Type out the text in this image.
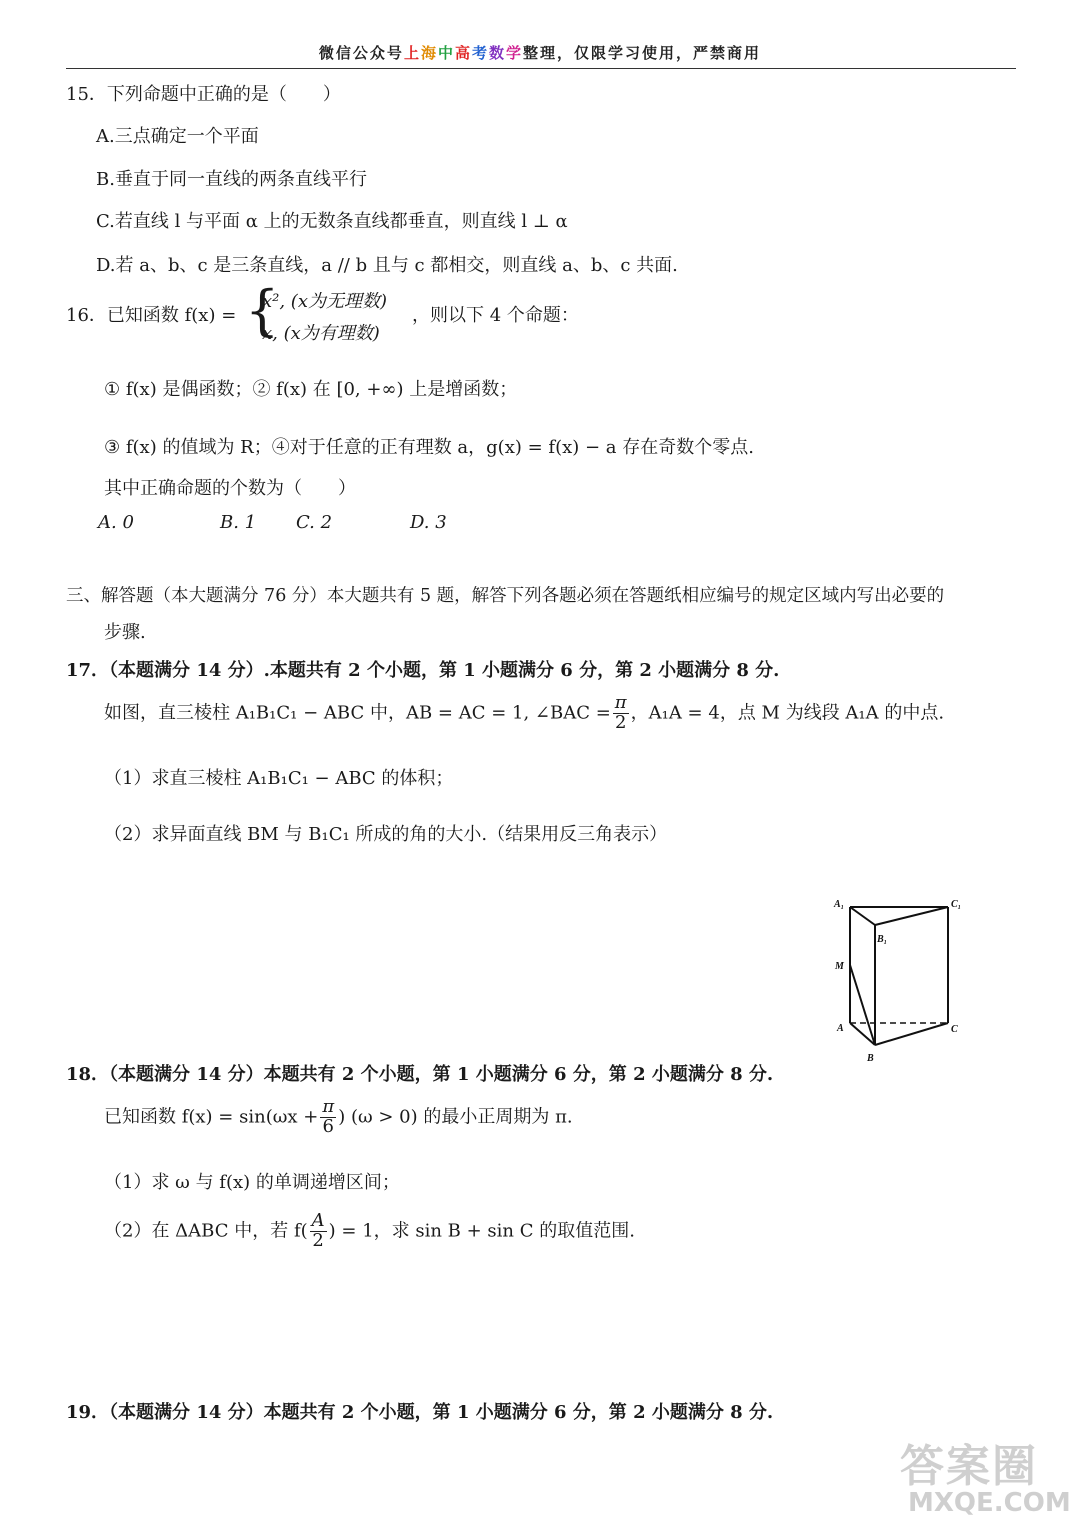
微信公众号上海中高考数学整理，仅限学习使用，严禁商用
15．下列命题中正确的是（　　）
A.三点确定一个平面
B.垂直于同一直线的两条直线平行
C.若直线 l 与平面 α 上的无数条直线都垂直，则直线 l ⊥ α
D.若 a、b、c 是三条直线，a // b 且与 c 都相交，则直线 a、b、c 共面.
16．已知函数 f(x) = {
x², (x为无理数)
x, (x为有理数)
，则以下 4 个命题：
① f(x) 是偶函数；② f(x) 在 [0, +∞) 上是增函数；
③ f(x) 的值域为 R；④对于任意的正有理数 a，g(x) = f(x) − a 存在奇数个零点.
其中正确命题的个数为（　　）
A. 0	B. 1 C. 2	D. 3
三、解答题（本大题满分 76 分）本大题共有 5 题，解答下列各题必须在答题纸相应编号的规定区域内写出必要的
步骤.
17．（本题满分 14 分）.本题共有 2 个小题，第 1 小题满分 6 分，第 2 小题满分 8 分.
如图，直三棱柱 A₁B₁C₁ − ABC 中，AB = AC = 1, ∠BAC = $\frac{\pi}{2}$ ，A₁A = 4，点 M 为线段 A₁A 的中点.
（1）求直三棱柱 A₁B₁C₁ − ABC 的体积；
（2）求异面直线 BM 与 B₁C₁ 所成的角的大小.（结果用反三角表示）
A₁	C₁
B₁
M
A	C
B
18．（本题满分 14 分）本题共有 2 个小题，第 1 小题满分 6 分，第 2 小题满分 8 分.
已知函数 $f(x) = \sin(\omega x + \frac{\pi}{6}$ ) (ω > 0) 的最小正周期为 π.
（1）求 ω 与 f(x) 的单调递增区间；
（2）在 ΔABC 中，若 $f( \frac{A}{2}$ ) = 1，求 sin B + sin C 的取值范围.
19．（本题满分 14 分）本题共有 2 个小题，第 1 小题满分 6 分，第 2 小题满分 8 分.
答案圈
MXQE.COM
